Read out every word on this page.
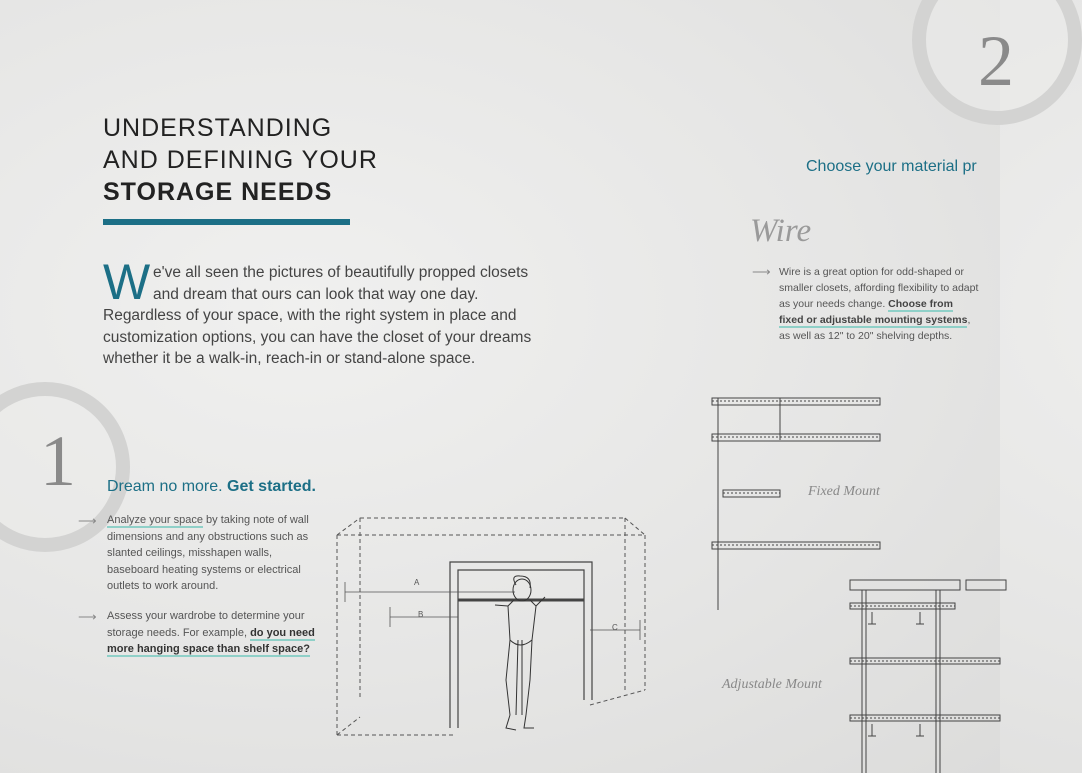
1
2
UNDERSTANDING
AND DEFINING YOUR
STORAGE NEEDS
W e've all seen the pictures of beautifully propped closets
and dream that ours can look that way one day.
Regardless of your space, with the right system in place and customization options, you can have the closet of your dreams whether it be a walk-in, reach-in or stand-alone space.
Dream no more. Get started.
⟶ Analyze your space by taking note of wall dimensions and any obstructions such as slanted ceilings, misshapen walls, baseboard heating systems or electrical outlets to work around.
⟶ Assess your wardrobe to determine your storage needs. For example, do you need more hanging space than shelf space?
Choose your material pr
Wire
⟶ Wire is a great option for odd-shaped or smaller closets, affording flexibility to adapt as your needs change. Choose from fixed or adjustable mounting systems, as well as 12" to 20" shelving depths.
A
B
C
Fixed Mount
Adjustable Mount
